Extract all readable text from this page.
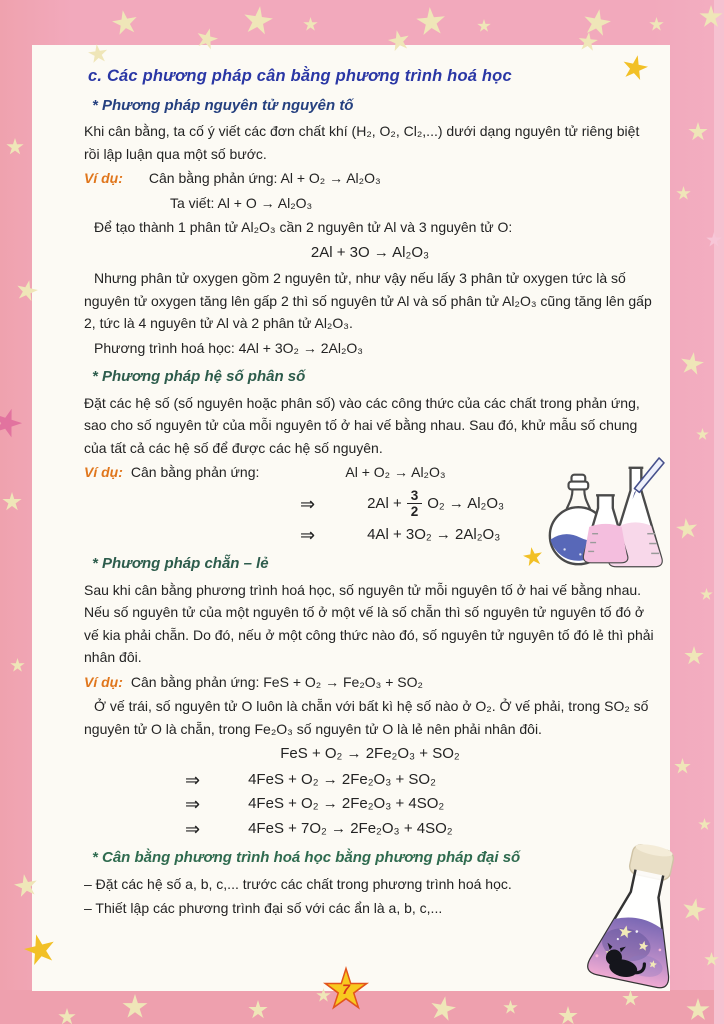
c. Các phương pháp cân bằng phương trình hoá học
* Phương pháp nguyên tử nguyên tố

Khi cân bằng, ta cố ý viết các đơn chất khí (H₂, O₂, Cl₂,...) dưới dạng nguyên tử riêng biệt rồi lập luận qua một số bước.

Ví dụ: Cân bằng phản ứng: Al + O₂ → Al₂O₃

Ta viết: Al + O → Al₂O₃

Để tạo thành 1 phân tử Al₂O₃ cần 2 nguyên tử Al và 3 nguyên tử O:

2Al + 3O → Al₂O₃

Nhưng phân tử oxygen gồm 2 nguyên tử, như vậy nếu lấy 3 phân tử oxygen tức là số nguyên tử oxygen tăng lên gấp 2 thì số nguyên tử Al và số phân tử Al₂O₃ cũng tăng lên gấp 2, tức là 4 nguyên tử Al và 2 phân tử Al₂O₃.

Phương trình hoá học: 4Al + 3O₂ → 2Al₂O₃

* Phương pháp hệ số phân số

Đặt các hệ số (số nguyên hoặc phân số) vào các công thức của các chất trong phản ứng, sao cho số nguyên tử của mỗi nguyên tố ở hai vế bằng nhau. Sau đó, khử mẫu số chung của tất cả các hệ số để được các hệ số nguyên.

Ví dụ: Cân bằng phản ứng:	Al + O₂ → Al₂O₃

⇒	$2Al + \frac{3}{2} O_2 \to Al_2O_3$
⇒	4Al + 3O₂ → 2Al₂O₃
* Phương pháp chẵn – lẻ

Sau khi cân bằng phương trình hoá học, số nguyên tử mỗi nguyên tố ở hai vế bằng nhau. Nếu số nguyên tử của một nguyên tố ở một vế là số chẵn thì số nguyên tử nguyên tố đó ở vế kia phải chẵn. Do đó, nếu ở một công thức nào đó, số nguyên tử nguyên tố đó lẻ thì phải nhân đôi.

Ví dụ: Cân bằng phản ứng: FeS + O₂ → Fe₂O₃ + SO₂

Ở vế trái, số nguyên tử O luôn là chẵn với bất kì hệ số nào ở O₂. Ở vế phải, trong SO₂ số nguyên tử O là chẵn, trong Fe₂O₃ số nguyên tử O là lẻ nên phải nhân đôi.

FeS + O₂ → 2Fe₂O₃ + SO₂
⇒	4FeS + O₂ → 2Fe₂O₃ + SO₂
⇒	4FeS + O₂ → 2Fe₂O₃ + 4SO₂
⇒	4FeS + 7O₂ → 2Fe₂O₃ + 4SO₂
* Cân bằng phương trình hoá học bằng phương pháp đại số

– Đặt các hệ số a, b, c,... trước các chất trong phương trình hoá học.

– Thiết lập các phương trình đại số với các ẩn là a, b, c,...

7
